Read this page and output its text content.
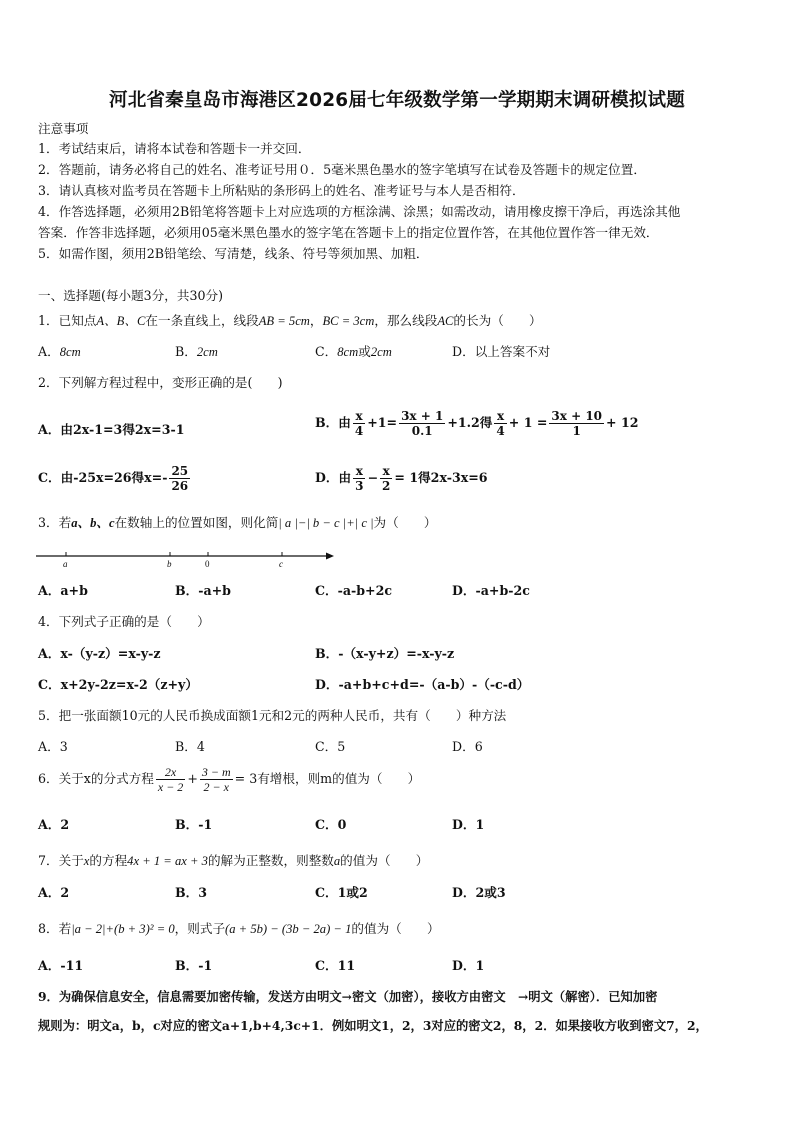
河北省秦皇岛市海港区2026届七年级数学第一学期期末调研模拟试题
注意事项
1．考试结束后，请将本试卷和答题卡一并交回．
2．答题前，请务必将自己的姓名、准考证号用０．5毫米黑色墨水的签字笔填写在试卷及答题卡的规定位置．
3．请认真核对监考员在答题卡上所粘贴的条形码上的姓名、准考证号与本人是否相符．
4．作答选择题，必须用2B铅笔将答题卡上对应选项的方框涂满、涂黑；如需改动，请用橡皮擦干净后，再选涂其他
答案．作答非选择题，必须用05毫米黑色墨水的签字笔在答题卡上的指定位置作答，在其他位置作答一律无效．
5．如需作图，须用2B铅笔绘、写清楚，线条、符号等须加黑、加粗．
一、选择题(每小题3分，共30分)
1．已知点A、B、C在一条直线上，线段AB = 5cm，BC = 3cm，那么线段AC的长为（　　）
A．8cm	B．2cm	C．8cm或2cm	D．以上答案不对
2．下列解方程过程中，变形正确的是(　　)
A．由2x-1=3得2x=3-1	B．由 $\frac{x}{4} +1= \frac{3x + 1}{0.1} +1.2$得 $\frac{x}{4} + 1 = \frac{3x + 10}{1} + 12$
C．由-25x=26得$x=- \frac{25}{26}$	D．由 $\frac{x}{3} - \frac{x}{2} = 1$得2x-3x=6
3．若a、b、c在数轴上的位置如图，则化简| a |−| b − c |+| c |为（　　）
a	b	0	c
A．a+b	B．-a+b	C．-a-b+2c	D．-a+b-2c
4．下列式子正确的是（　　）
A．x-（y-z）=x-y-z	B．-（x-y+z）=-x-y-z
C．x+2y-2z=x-2（z+y）	D．-a+b+c+d=-（a-b）-（-c-d）
5．把一张面额10元的人民币换成面额1元和2元的两种人民币，共有（　　）种方法
A．3	B．4	C．5	D．6
6．关于x的分式方程 $\frac{2x}{x - 2} + \frac{3 - m}{2 - x} = 3$有增根，则m的值为（　　）
A．2	B．-1	C．0	D．1
7．关于x的方程4x + 1 = ax + 3的解为正整数，则整数a的值为（　　）
A．2	B．3	C．1或2	D．2或3
8．若|a − 2|+(b + 3)² = 0，则式子(a + 5b) − (3b − 2a) − 1的值为（　　）
A．-11	B．-1	C．11	D．1
9．为确保信息安全，信息需要加密传输，发送方由明文→密文（加密），接收方由密文　→明文（解密）．已知加密
规则为：明文a，b，c对应的密文a+1,b+4,3c+1．例如明文1，2，3对应的密文2，8，2．如果接收方收到密文7，2，
